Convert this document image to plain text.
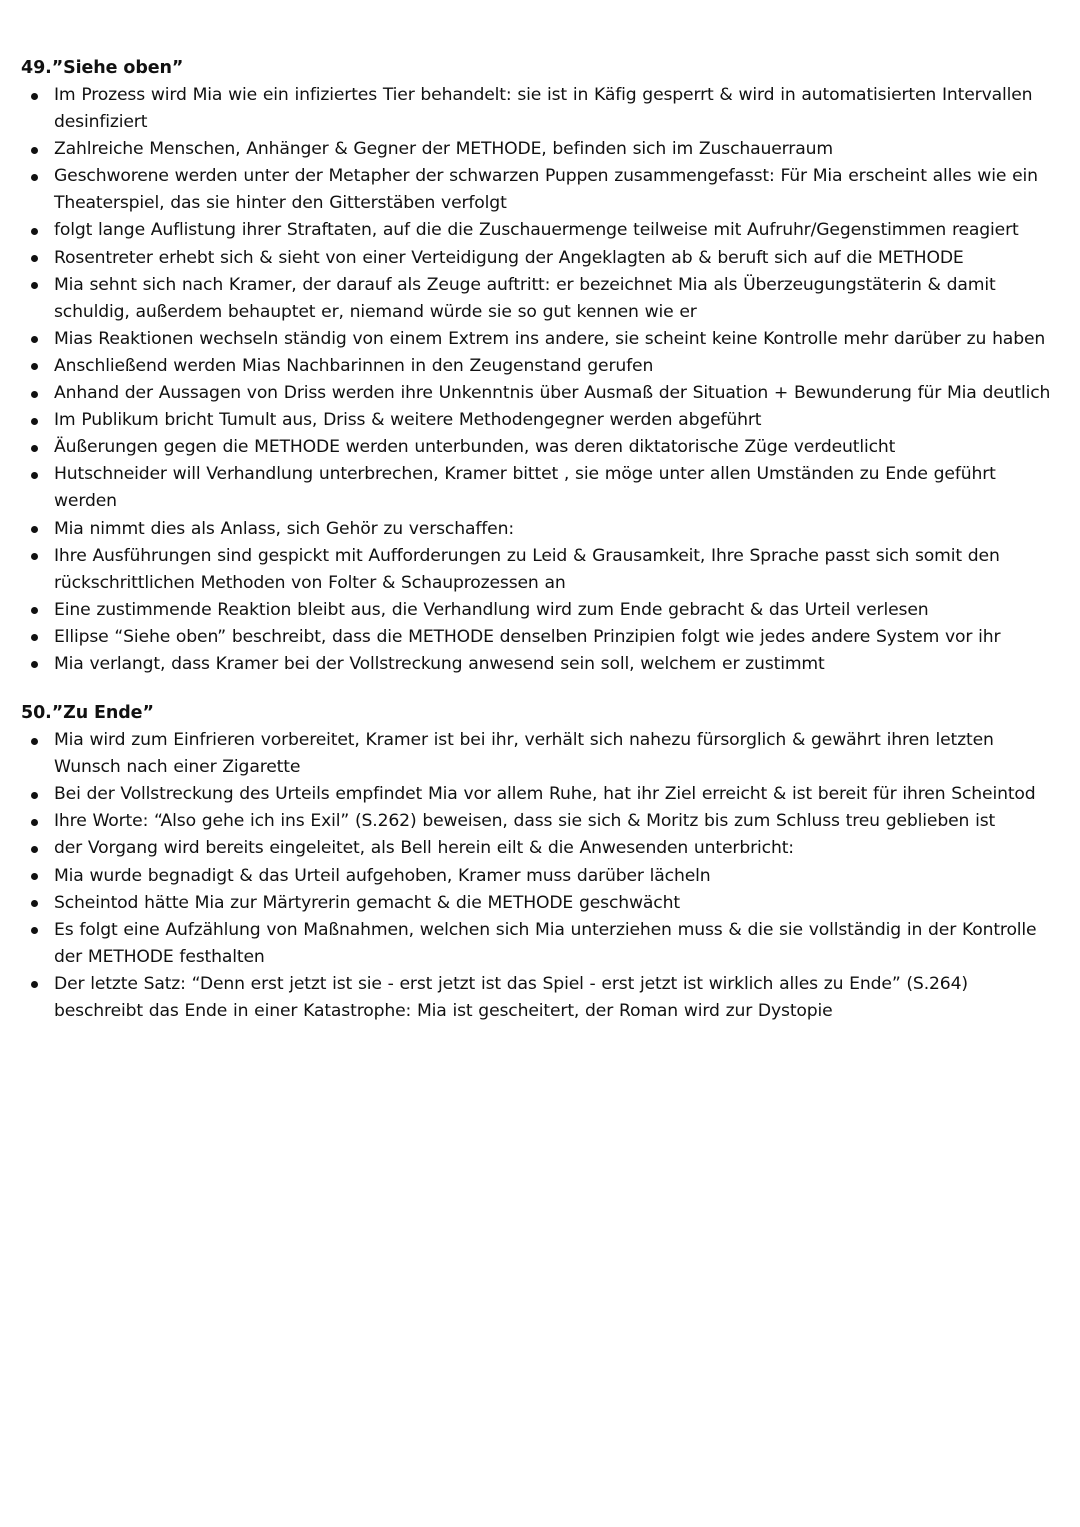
49.”Siehe oben”
Im Prozess wird Mia wie ein infiziertes Tier behandelt: sie ist in Käfig gesperrt & wird in automatisierten Intervallen desinfiziert
Zahlreiche Menschen, Anhänger & Gegner der METHODE, befinden sich im Zuschauerraum
Geschworene werden unter der Metapher der schwarzen Puppen zusammengefasst: Für Mia erscheint alles wie ein Theaterspiel, das sie hinter den Gitterstäben verfolgt
folgt lange Auflistung ihrer Straftaten, auf die die Zuschauermenge teilweise mit Aufruhr/Gegenstimmen reagiert
Rosentreter erhebt sich & sieht von einer Verteidigung der Angeklagten ab & beruft sich auf die METHODE
Mia sehnt sich nach Kramer, der darauf als Zeuge auftritt: er bezeichnet Mia als Überzeugungstäterin & damit schuldig, außerdem behauptet er, niemand würde sie so gut kennen wie er
Mias Reaktionen wechseln ständig von einem Extrem ins andere, sie scheint keine Kontrolle mehr darüber zu haben
Anschließend werden Mias Nachbarinnen in den Zeugenstand gerufen
Anhand der Aussagen von Driss werden ihre Unkenntnis über Ausmaß der Situation + Bewunderung für Mia deutlich
Im Publikum bricht Tumult aus, Driss & weitere Methodengegner werden abgeführt
Äußerungen gegen die METHODE werden unterbunden, was deren diktatorische Züge verdeutlicht
Hutschneider will Verhandlung unterbrechen, Kramer bittet , sie möge unter allen Umständen zu Ende geführt werden
Mia nimmt dies als Anlass, sich Gehör zu verschaffen:
Ihre Ausführungen sind gespickt mit Aufforderungen zu Leid & Grausamkeit, Ihre Sprache passt sich somit den rückschrittlichen Methoden von Folter & Schauprozessen an
Eine zustimmende Reaktion bleibt aus, die Verhandlung wird zum Ende gebracht & das Urteil verlesen
Ellipse “Siehe oben” beschreibt, dass die METHODE denselben Prinzipien folgt wie jedes andere System vor ihr
Mia verlangt, dass Kramer bei der Vollstreckung anwesend sein soll, welchem er zustimmt
50.”Zu Ende”
Mia wird zum Einfrieren vorbereitet, Kramer ist bei ihr, verhält sich nahezu fürsorglich & gewährt ihren letzten Wunsch nach einer Zigarette
Bei der Vollstreckung des Urteils empfindet Mia vor allem Ruhe, hat ihr Ziel erreicht & ist bereit für ihren Scheintod
Ihre Worte: “Also gehe ich ins Exil” (S.262) beweisen, dass sie sich & Moritz bis zum Schluss treu geblieben ist
der Vorgang wird bereits eingeleitet, als Bell herein eilt & die Anwesenden unterbricht:
Mia wurde begnadigt & das Urteil aufgehoben, Kramer muss darüber lächeln
Scheintod hätte Mia zur Märtyrerin gemacht & die METHODE geschwächt
Es folgt eine Aufzählung von Maßnahmen, welchen sich Mia unterziehen muss & die sie vollständig in der Kontrolle der METHODE festhalten
Der letzte Satz: “Denn erst jetzt ist sie - erst jetzt ist das Spiel - erst jetzt ist wirklich alles zu Ende” (S.264) beschreibt das Ende in einer Katastrophe: Mia ist gescheitert, der Roman wird zur Dystopie
